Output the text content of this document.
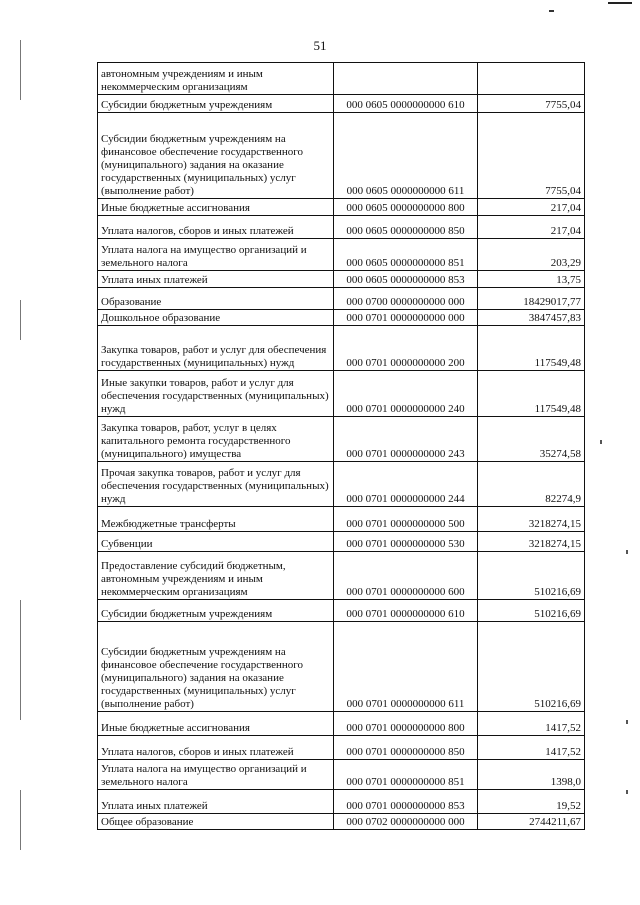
51
автономным учреждениям и иным некоммерческим организациям		
Субсидии бюджетным учреждениям	000 0605 0000000000 610	7755,04
Субсидии бюджетным учреждениям на финансовое обеспечение государственного (муниципального) задания на оказание государственных (муниципальных) услуг (выполнение работ)	000 0605 0000000000 611	7755,04
Иные бюджетные ассигнования	000 0605 0000000000 800	217,04
Уплата налогов, сборов и иных платежей	000 0605 0000000000 850	217,04
Уплата налога на имущество организаций и земельного налога	000 0605 0000000000 851	203,29
Уплата иных платежей	000 0605 0000000000 853	13,75
Образование	000 0700 0000000000 000	18429017,77
Дошкольное образование	000 0701 0000000000 000	3847457,83
Закупка товаров, работ и услуг для обеспечения государственных (муниципальных) нужд	000 0701 0000000000 200	117549,48
Иные закупки товаров, работ и услуг для обеспечения государственных (муниципальных) нужд	000 0701 0000000000 240	117549,48
Закупка товаров, работ, услуг в целях капитального ремонта государственного (муниципального) имущества	000 0701 0000000000 243	35274,58
Прочая закупка товаров, работ и услуг для обеспечения государственных (муниципальных) нужд	000 0701 0000000000 244	82274,9
Межбюджетные трансферты	000 0701 0000000000 500	3218274,15
Субвенции	000 0701 0000000000 530	3218274,15
Предоставление субсидий бюджетным, автономным учреждениям и иным некоммерческим организациям	000 0701 0000000000 600	510216,69
Субсидии бюджетным учреждениям	000 0701 0000000000 610	510216,69
Субсидии бюджетным учреждениям на финансовое обеспечение государственного (муниципального) задания на оказание государственных (муниципальных) услуг (выполнение работ)	000 0701 0000000000 611	510216,69
Иные бюджетные ассигнования	000 0701 0000000000 800	1417,52
Уплата налогов, сборов и иных платежей	000 0701 0000000000 850	1417,52
Уплата налога на имущество организаций и земельного налога	000 0701 0000000000 851	1398,0
Уплата иных платежей	000 0701 0000000000 853	19,52
Общее образование	000 0702 0000000000 000	2744211,67
